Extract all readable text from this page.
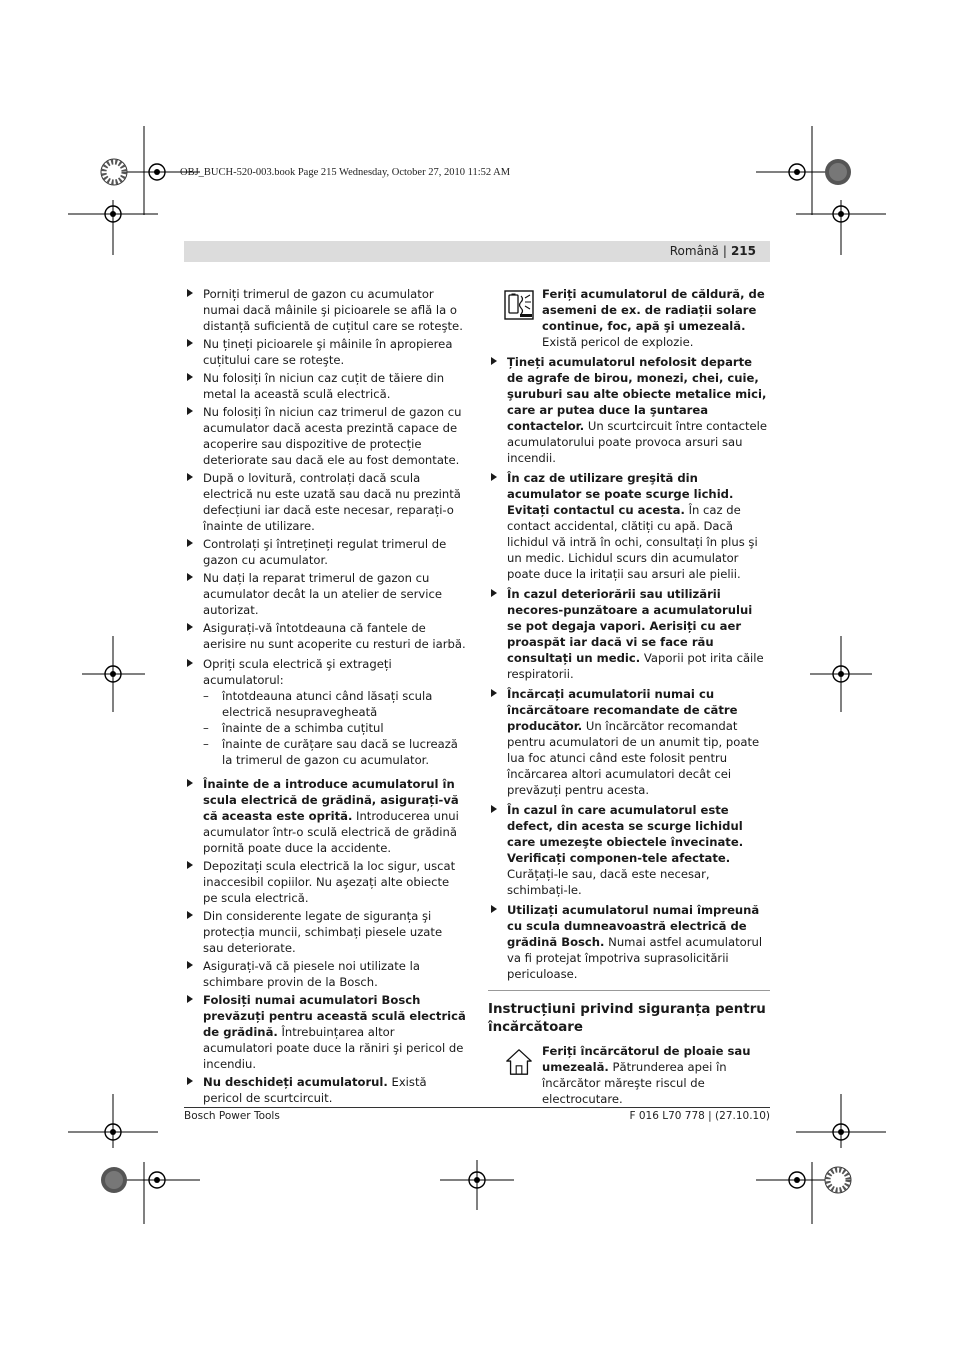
OBJ_BUCH-520-003.book Page 215 Wednesday, October 27, 2010 11:52 AM
Română | 215
Porniți trimerul de gazon cu acumulator numai dacă mâinile şi picioarele se află la o distanță suficientă de cuțitul care se roteşte.
Nu țineți picioarele şi mâinile în apropierea cuțitului care se roteşte.
Nu folosiți în niciun caz cuțit de tăiere din metal la această sculă electrică.
Nu folosiți în niciun caz trimerul de gazon cu acumulator dacă acesta prezintă capace de acoperire sau dispozitive de protecție deteriorate sau dacă ele au fost demontate.
După o lovitură, controlați dacă scula electrică nu este uzată sau dacă nu prezintă defecțiuni iar dacă este necesar, reparați-o înainte de utilizare.
Controlați şi întrețineți regulat trimerul de gazon cu acumulator.
Nu dați la reparat trimerul de gazon cu acumulator decât la un atelier de service autorizat.
Asigurați-vă întotdeauna că fantele de aerisire nu sunt acoperite cu resturi de iarbă.
Opriți scula electrică şi extrageți acumulatorul:
– întotdeauna atunci când lăsați scula electrică nesupravegheată
– înainte de a schimba cuțitul
– înainte de curățare sau dacă se lucrează la trimerul de gazon cu acumulator.
Înainte de a introduce acumulatorul în scula electrică de grădină, asigurați-vă că aceasta este oprită. Introducerea unui acumulator într-o sculă electrică de grădină pornită poate duce la accidente.
Depozitați scula electrică la loc sigur, uscat inaccesibil copiilor. Nu aşezați alte obiecte pe scula electrică.
Din considerente legate de siguranța şi protecția muncii, schimbați piesele uzate sau deteriorate.
Asigurați-vă că piesele noi utilizate la schimbare provin de la Bosch.
Folosiți numai acumulatori Bosch prevăzuți pentru această sculă electrică de grădină. Întrebuințarea altor acumulatori poate duce la răniri şi pericol de incendiu.
Nu deschideți acumulatorul. Există pericol de scurtcircuit.
Feriți acumulatorul de căldură, de asemeni de ex. de radiații solare continue, foc, apă şi umezeală. Există pericol de explozie.
Țineți acumulatorul nefolosit departe de agrafe de birou, monezi, chei, cuie, şuruburi sau alte obiecte metalice mici, care ar putea duce la şuntarea contactelor. Un scurtcircuit între contactele acumulatorului poate provoca arsuri sau incendii.
În caz de utilizare greşită din acumulator se poate scurge lichid. Evitați contactul cu acesta. În caz de contact accidental, clătiți cu apă. Dacă lichidul vă intră în ochi, consultați în plus şi un medic. Lichidul scurs din acumulator poate duce la iritații sau arsuri ale pielii.
În cazul deteriorării sau utilizării necores-punzătoare a acumulatorului se pot degaja vapori. Aerisiți cu aer proaspăt iar dacă vi se face rău consultați un medic. Vaporii pot irita căile respiratorii.
Încărcați acumulatorii numai cu încărcătoare recomandate de către producător. Un încărcător recomandat pentru acumulatori de un anumit tip, poate lua foc atunci când este folosit pentru încărcarea altori acumulatori decât cei prevăzuți pentru acesta.
În cazul în care acumulatorul este defect, din acesta se scurge lichidul care umezeşte obiectele învecinate. Verificați componen-tele afectate. Curățați-le sau, dacă este necesar, schimbați-le.
Utilizați acumulatorul numai împreună cu scula dumneavoastră electrică de grădină Bosch. Numai astfel acumulatorul va fi protejat împotriva suprasolicitării periculoase.
Instrucțiuni privind siguranța pentru încărcătoare
Feriți încărcătorul de ploaie sau umezeală. Pătrunderea apei în încărcător măreşte riscul de electrocutare.
Bosch Power Tools	F 016 L70 778 | (27.10.10)
